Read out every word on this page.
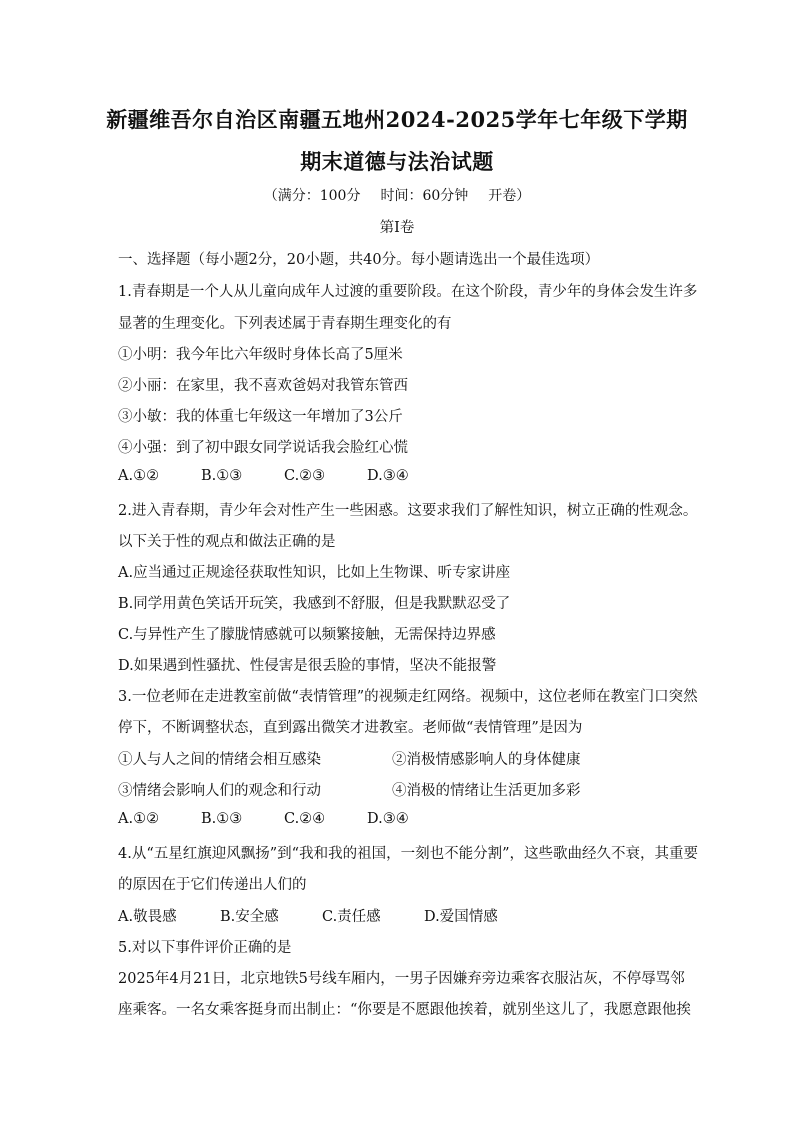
新疆维吾尔自治区南疆五地州2024-2025学年七年级下学期
期末道德与法治试题
（满分：100分 时间：60分钟 开卷）
第Ⅰ卷
一、选择题（每小题2分，20小题，共40分。每小题请选出一个最佳选项）
1.青春期是一个人从儿童向成年人过渡的重要阶段。在这个阶段，青少年的身体会发生许多
显著的生理变化。下列表述属于青春期生理变化的有
①小明：我今年比六年级时身体长高了5厘米
②小丽：在家里，我不喜欢爸妈对我管东管西
③小敏：我的体重七年级这一年增加了3公斤
④小强：到了初中跟女同学说话我会脸红心慌
A.①②	B.①③	C.②③	D.③④
2.进入青春期，青少年会对性产生一些困惑。这要求我们了解性知识，树立正确的性观念。
以下关于性的观点和做法正确的是
A.应当通过正规途径获取性知识，比如上生物课、听专家讲座
B.同学用黄色笑话开玩笑，我感到不舒服，但是我默默忍受了
C.与异性产生了朦胧情感就可以频繁接触，无需保持边界感
D.如果遇到性骚扰、性侵害是很丢脸的事情，坚决不能报警
3.一位老师在走进教室前做“表情管理”的视频走红网络。视频中，这位老师在教室门口突然
停下，不断调整状态，直到露出微笑才进教室。老师做“表情管理”是因为
①人与人之间的情绪会相互感染	②消极情感影响人的身体健康
③情绪会影响人们的观念和行动	④消极的情绪让生活更加多彩
A.①②	B.①③	C.②④	D.③④
4.从“五星红旗迎风飘扬”到“我和我的祖国，一刻也不能分割”，这些歌曲经久不衰，其重要
的原因在于它们传递出人们的
A.敬畏感	B.安全感	C.责任感	D.爱国情感
5.对以下事件评价正确的是
2025年4月21日，北京地铁5号线车厢内，一男子因嫌弃旁边乘客衣服沾灰，不停辱骂邻
座乘客。一名女乘客挺身而出制止：“你要是不愿跟他挨着，就别坐这儿了，我愿意跟他挨
